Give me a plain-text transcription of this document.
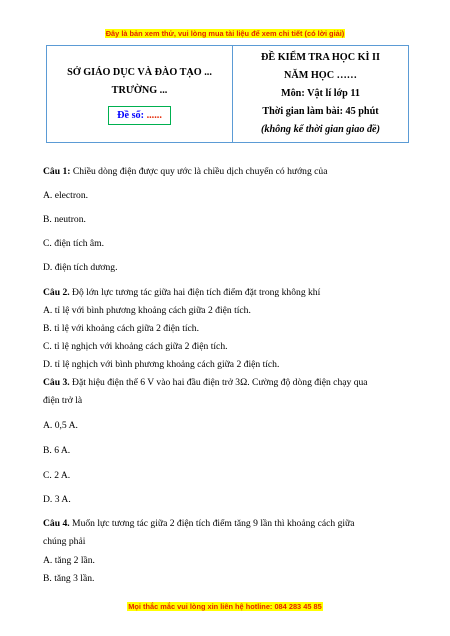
Đây là bản xem thử, vui lòng mua tài liệu để xem chi tiết (có lời giải)
SỞ GIÁO DỤC VÀ ĐÀO TẠO ...
TRƯỜNG ...
Đề số: ......
ĐỀ KIỂM TRA HỌC KÌ II
NĂM HỌC ……
Môn: Vật lí lớp 11
Thời gian làm bài: 45 phút
(không kể thời gian giao đề)
Câu 1: Chiều dòng điện được quy ước là chiều dịch chuyển có hướng của
A. electron.
B. neutron.
C. điện tích âm.
D. điện tích dương.
Câu 2. Độ lớn lực tương tác giữa hai điện tích điểm đặt trong không khí
A. tỉ lệ với bình phương khoảng cách giữa 2 điện tích.
B. tỉ lệ với khoảng cách giữa 2 điện tích.
C. tỉ lệ nghịch với khoảng cách giữa 2 điện tích.
D. tỉ lệ nghịch với bình phương khoảng cách giữa 2 điện tích.
Câu 3. Đặt hiệu điện thế 6 V vào hai đầu điện trở 3Ω. Cường độ dòng điện chạy qua
điện trở là
A. 0,5 A.
B. 6 A.
C. 2 A.
D. 3 A.
Câu 4. Muốn lực tương tác giữa 2 điện tích điểm tăng 9 lần thì khoảng cách giữa
chúng phải
A. tăng 2 lần.
B. tăng 3 lần.
Mọi thắc mắc vui lòng xin liên hệ hotline: 084 283 45 85
